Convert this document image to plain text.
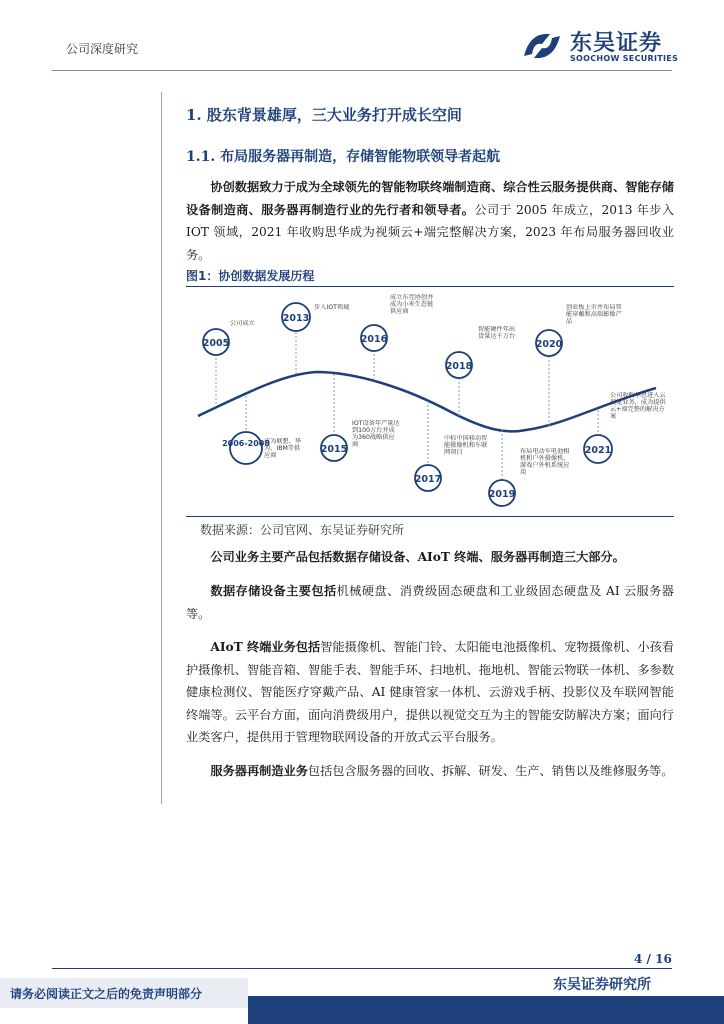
公司深度研究	东吴证券
SOOCHOW SECURITIES
1. 股东背景雄厚，三大业务打开成长空间
1.1. 布局服务器再制造，存储智能物联领导者起航
协创数据致力于成为全球领先的智能物联终端制造商、综合性云服务提供商、智能存储设备制造商、服务器再制造行业的先行者和领导者。公司于 2005 年成立，2013 年步入 IOT 领域，2021 年收购思华成为视频云+端完整解决方案，2023 年布局服务器回收业务。
图1：协创数据发展历程
2005
2006-2008
2013
2015
2016
2017
2018
2019
2020
2021
公司成立
成为联想、华为、IBM等供应商
步入IOT领域
IOT设备年产量达到100万台并成为360战略供应商
成立东莞协创并成为小米生态链供应商
中标中国移动智能摄像机和车联网项目
智能硬件年出货量达千万台
布局电动车电池相机和户外摄像机、游戏户外机系统应用
创业板上市并布局智能穿戴和高端影像产品
公司收购华思进入云视觉业务，成为提供云+端完整的解决方案
数据来源：公司官网、东吴证券研究所
公司业务主要产品包括数据存储设备、AIoT 终端、服务器再制造三大部分。
数据存储设备主要包括机械硬盘、消费级固态硬盘和工业级固态硬盘及 AI 云服务器等。
AIoT 终端业务包括智能摄像机、智能门铃、太阳能电池摄像机、宠物摄像机、小孩看护摄像机、智能音箱、智能手表、智能手环、扫地机、拖地机、智能云物联一体机、多参数健康检测仪、智能医疗穿戴产品、AI 健康管家一体机、云游戏手柄、投影仪及车联网智能终端等。云平台方面，面向消费级用户，提供以视觉交互为主的智能安防解决方案；面向行业类客户，提供用于管理物联网设备的开放式云平台服务。
服务器再制造业务包括包含服务器的回收、拆解、研发、生产、销售以及维修服务等。
4 / 16
请务必阅读正文之后的免责声明部分
东吴证券研究所
